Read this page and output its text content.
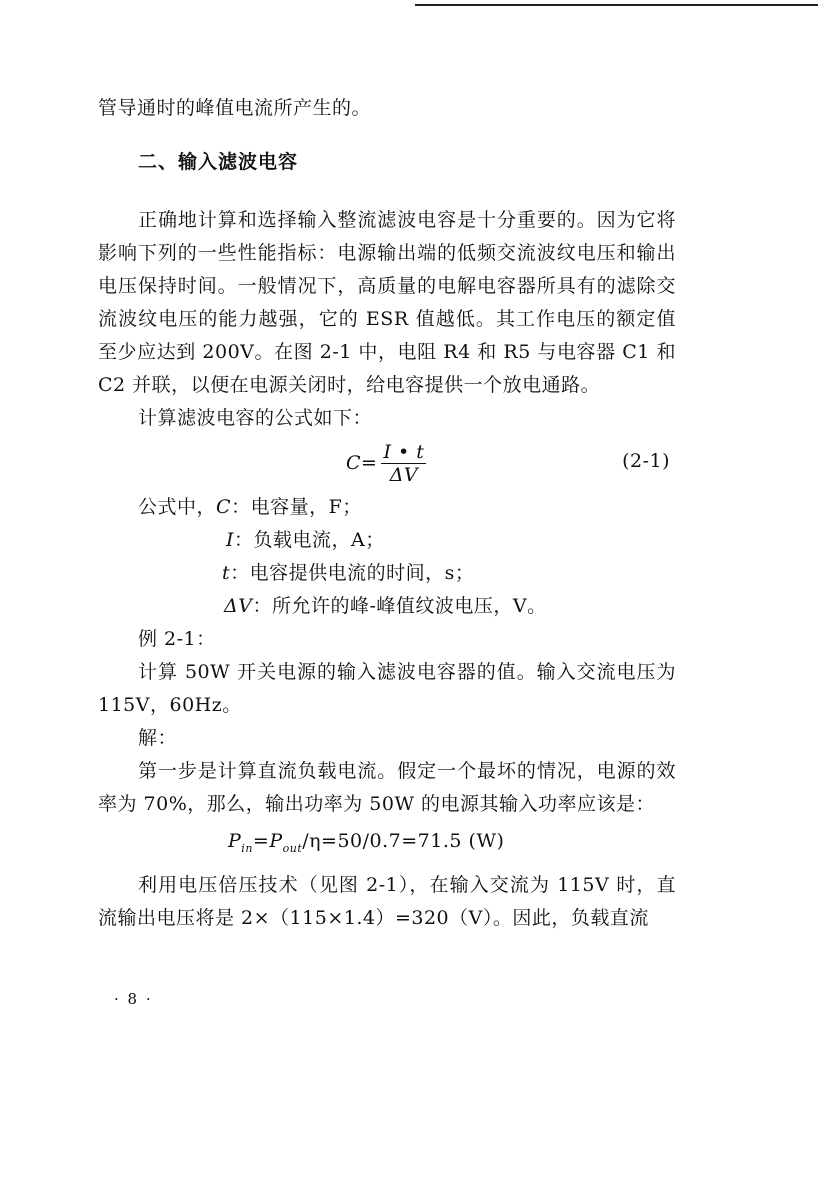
管导通时的峰值电流所产生的。

二、输入滤波电容

正确地计算和选择输入整流滤波电容是十分重要的。因为它将影响下列的一些性能指标：电源输出端的低频交流波纹电压和输出电压保持时间。一般情况下，高质量的电解电容器所具有的滤除交流波纹电压的能力越强，它的 ESR 值越低。其工作电压的额定值至少应达到 200V。在图 2-1 中，电阻 R4 和 R5 与电容器 C1 和 C2 并联，以便在电源关闭时，给电容提供一个放电通路。

计算滤波电容的公式如下：

$C= \frac{I • t}{\Delta V}$	(2-1)
公式中， C ：电容量，F；
I ：负载电流，A；
t ：电容提供电流的时间，s；
ΔV ：所允许的峰-峰值纹波电压，V。

例 2-1：

计算 50W 开关电源的输入滤波电容器的值。输入交流电压为 115V，60Hz。

解：

第一步是计算直流负载电流。假定一个最坏的情况，电源的效率为 70%，那么，输出功率为 50W 的电源其输入功率应该是：

$P_{in}=P_{out}/\eta=50/0.7=71.5$ (W)

利用电压倍压技术（见图 2-1），在输入交流为 115V 时，直流输出电压将是 2×（115×1.4）=320（V）。因此，负载直流

· 8 ·
